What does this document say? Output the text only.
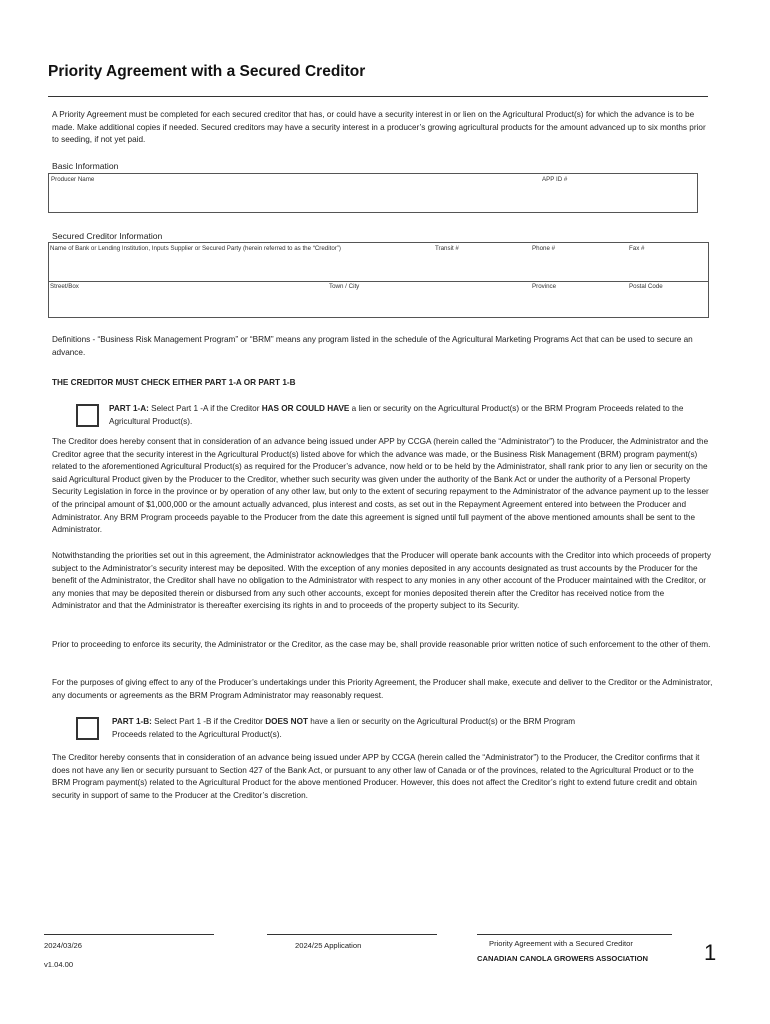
Priority Agreement with a Secured Creditor
A Priority Agreement must be completed for each secured creditor that has, or could have a security interest in or lien on the Agricultural Product(s) for which the advance is to be made. Make additional copies if needed. Secured creditors may have a security interest in a producer’s growing agricultural products for the amount advanced up to six months prior to seeding, if not yet paid.
Basic Information
Producer Name	APP ID #
Secured Creditor Information
Name of Bank or Lending Institution, Inputs Supplier or Secured Party (herein referred to as the “Creditor”)	Transit #	Phone #	Fax #
Street/Box	Town / City	Province	Postal Code
Definitions - “Business Risk Management Program” or “BRM” means any program listed in the schedule of the Agricultural Marketing Programs Act that can be used to secure an advance.
THE CREDITOR MUST CHECK EITHER PART 1-A OR PART 1-B
PART 1-A: Select Part 1 -A if the Creditor HAS OR COULD HAVE a lien or security on the Agricultural Product(s) or the BRM Program Proceeds related to the Agricultural Product(s).
The Creditor does hereby consent that in consideration of an advance being issued under APP by CCGA (herein called the “Administrator”) to the Producer, the Administrator and the Creditor agree that the security interest in the Agricultural Product(s) listed above for which the advance was made, or the Business Risk Management (BRM) program payment(s) related to the aforementioned Agricultural Product(s) as required for the Producer’s advance, now held or to be held by the Administrator, shall rank prior to any lien or security on the said Agricultural Product given by the Producer to the Creditor, whether such security was given under the authority of the Bank Act or under the authority of a Personal Property Security Legislation in force in the province or by operation of any other law, but only to the extent of securing repayment to the Administrator of the advance payment up to the lesser of the principal amount of $1,000,000 or the amount actually advanced, plus interest and costs, as set out in the Repayment Agreement entered into between the Producer and Administrator. Any BRM Program proceeds payable to the Producer from the date this agreement is signed until full payment of the above mentioned amounts shall be sent to the Administrator.
Notwithstanding the priorities set out in this agreement, the Administrator acknowledges that the Producer will operate bank accounts with the Creditor into which proceeds of property subject to the Administrator’s security interest may be deposited. With the exception of any monies deposited in any accounts designated as trust accounts by the Producer for the benefit of the Administrator, the Creditor shall have no obligation to the Administrator with respect to any monies in any other account of the Producer maintained with the Creditor, or any monies that may be deposited therein or disbursed from any such other accounts, except for monies deposited therein after the Creditor has received notice from the Administrator and that the Administrator is thereafter exercising its rights in and to proceeds of the property subject to its Security.
Prior to proceeding to enforce its security, the Administrator or the Creditor, as the case may be, shall provide reasonable prior written notice of such enforcement to the other of them.
For the purposes of giving effect to any of the Producer’s undertakings under this Priority Agreement, the Producer shall make, execute and deliver to the Creditor or the Administrator, any documents or agreements as the BRM Program Administrator may reasonably request.
PART 1-B: Select Part 1 -B if the Creditor DOES NOT have a lien or security on the Agricultural Product(s) or the BRM Program Proceeds related to the Agricultural Product(s).
The Creditor hereby consents that in consideration of an advance being issued under APP by CCGA (herein called the “Administrator”) to the Producer, the Creditor confirms that it does not have any lien or security pursuant to Section 427 of the Bank Act, or pursuant to any other law of Canada or of the provinces, related to the Agricultural Product or to the BRM Program payment(s) related to the Agricultural Product for the above mentioned Producer. However, this does not affect the Creditor’s right to extend future credit and obtain security in support of same to the Producer at the Creditor’s discretion.
2024/03/26
v1.04.00
2024/25 Application	Priority Agreement with a Secured Creditor
CANADIAN CANOLA GROWERS ASSOCIATION	1
